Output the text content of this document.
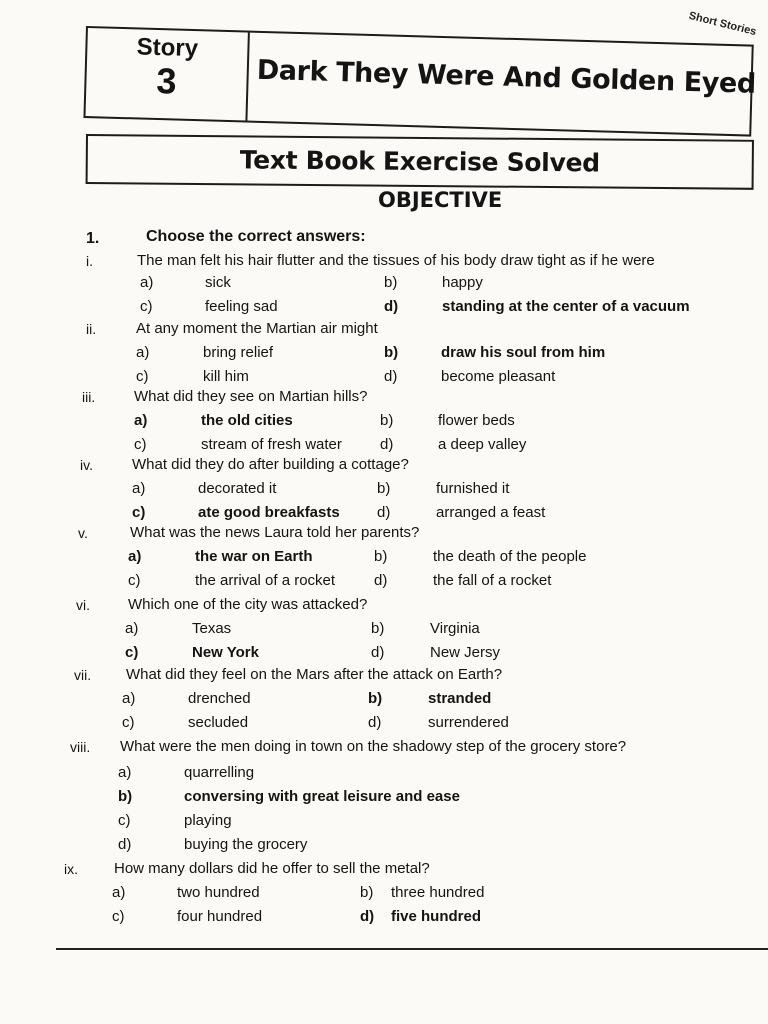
Short Stories
Story
3	Dark They Were And Golden Eyed
Text Book Exercise Solved
OBJECTIVE
1.	Choose the correct answers:
i.	The man felt his hair flutter and the tissues of his body draw tight as if he were
a)	sick	b)	happy
c)	feeling sad	d)	standing at the center of a vacuum
ii.	At any moment the Martian air might
a)	bring relief	b)	draw his soul from him
c)	kill him	d)	become pleasant
iii.	What did they see on Martian hills?
a)	the old cities	b)	flower beds
c)	stream of fresh water	d)	a deep valley
iv.	What did they do after building a cottage?
a)	decorated it	b)	furnished it
c)	ate good breakfasts d)	arranged a feast
v.	What was the news Laura told her parents?
a)	the war on Earth	b)	the death of the people
c)	the arrival of a rocket	d)	the fall of a rocket
vi.	Which one of the city was attacked?
a)	Texas	b)	Virginia
c)	New York	d)	New Jersy
vii. What did they feel on the Mars after the attack on Earth?
a)	drenched	b)	stranded
c)	secluded	d)	surrendered
viii. What were the men doing in town on the shadowy step of the grocery store?
a)	quarrelling
b)	conversing with great leisure and ease
c)	playing
d)	buying the grocery
ix. How many dollars did he offer to sell the metal?
a)	two hundred	b) three hundred
c)	four hundred	d) five hundred
